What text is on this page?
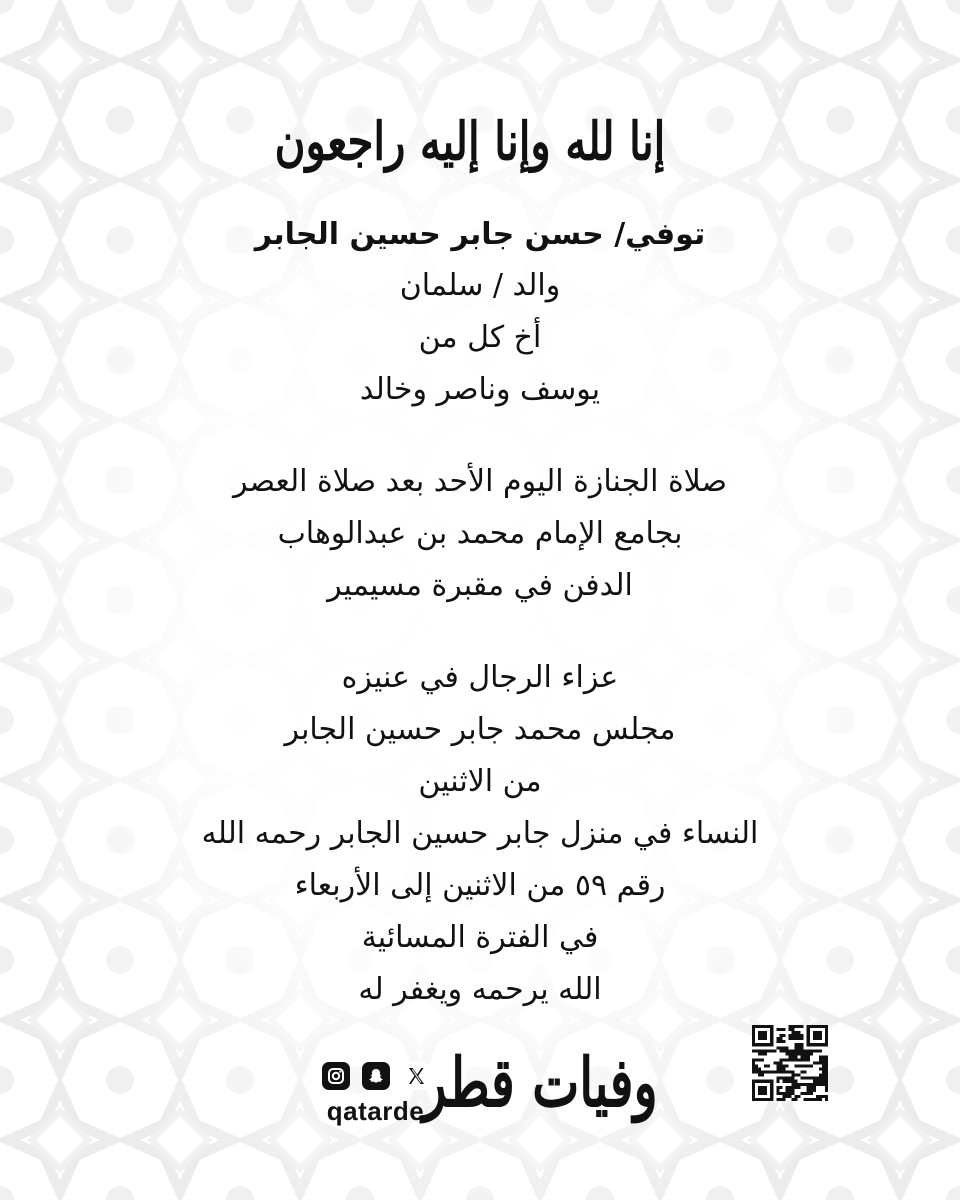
إنا لله وإنا إليه راجعون
توفي/ حسن جابر حسين الجابر
والد / سلمان
أخ كل من
يوسف وناصر وخالد
صلاة الجنازة اليوم الأحد بعد صلاة العصر
بجامع الإمام محمد بن عبدالوهاب
الدفن في مقبرة مسيمير
عزاء الرجال في عنيزه
مجلس محمد جابر حسين الجابر
من الاثنين
النساء في منزل جابر حسين الجابر رحمه الله
رقم ٥٩ من الاثنين إلى الأربعاء
في الفترة المسائية
الله يرحمه ويغفر له
qatarde
وفيات قطر
